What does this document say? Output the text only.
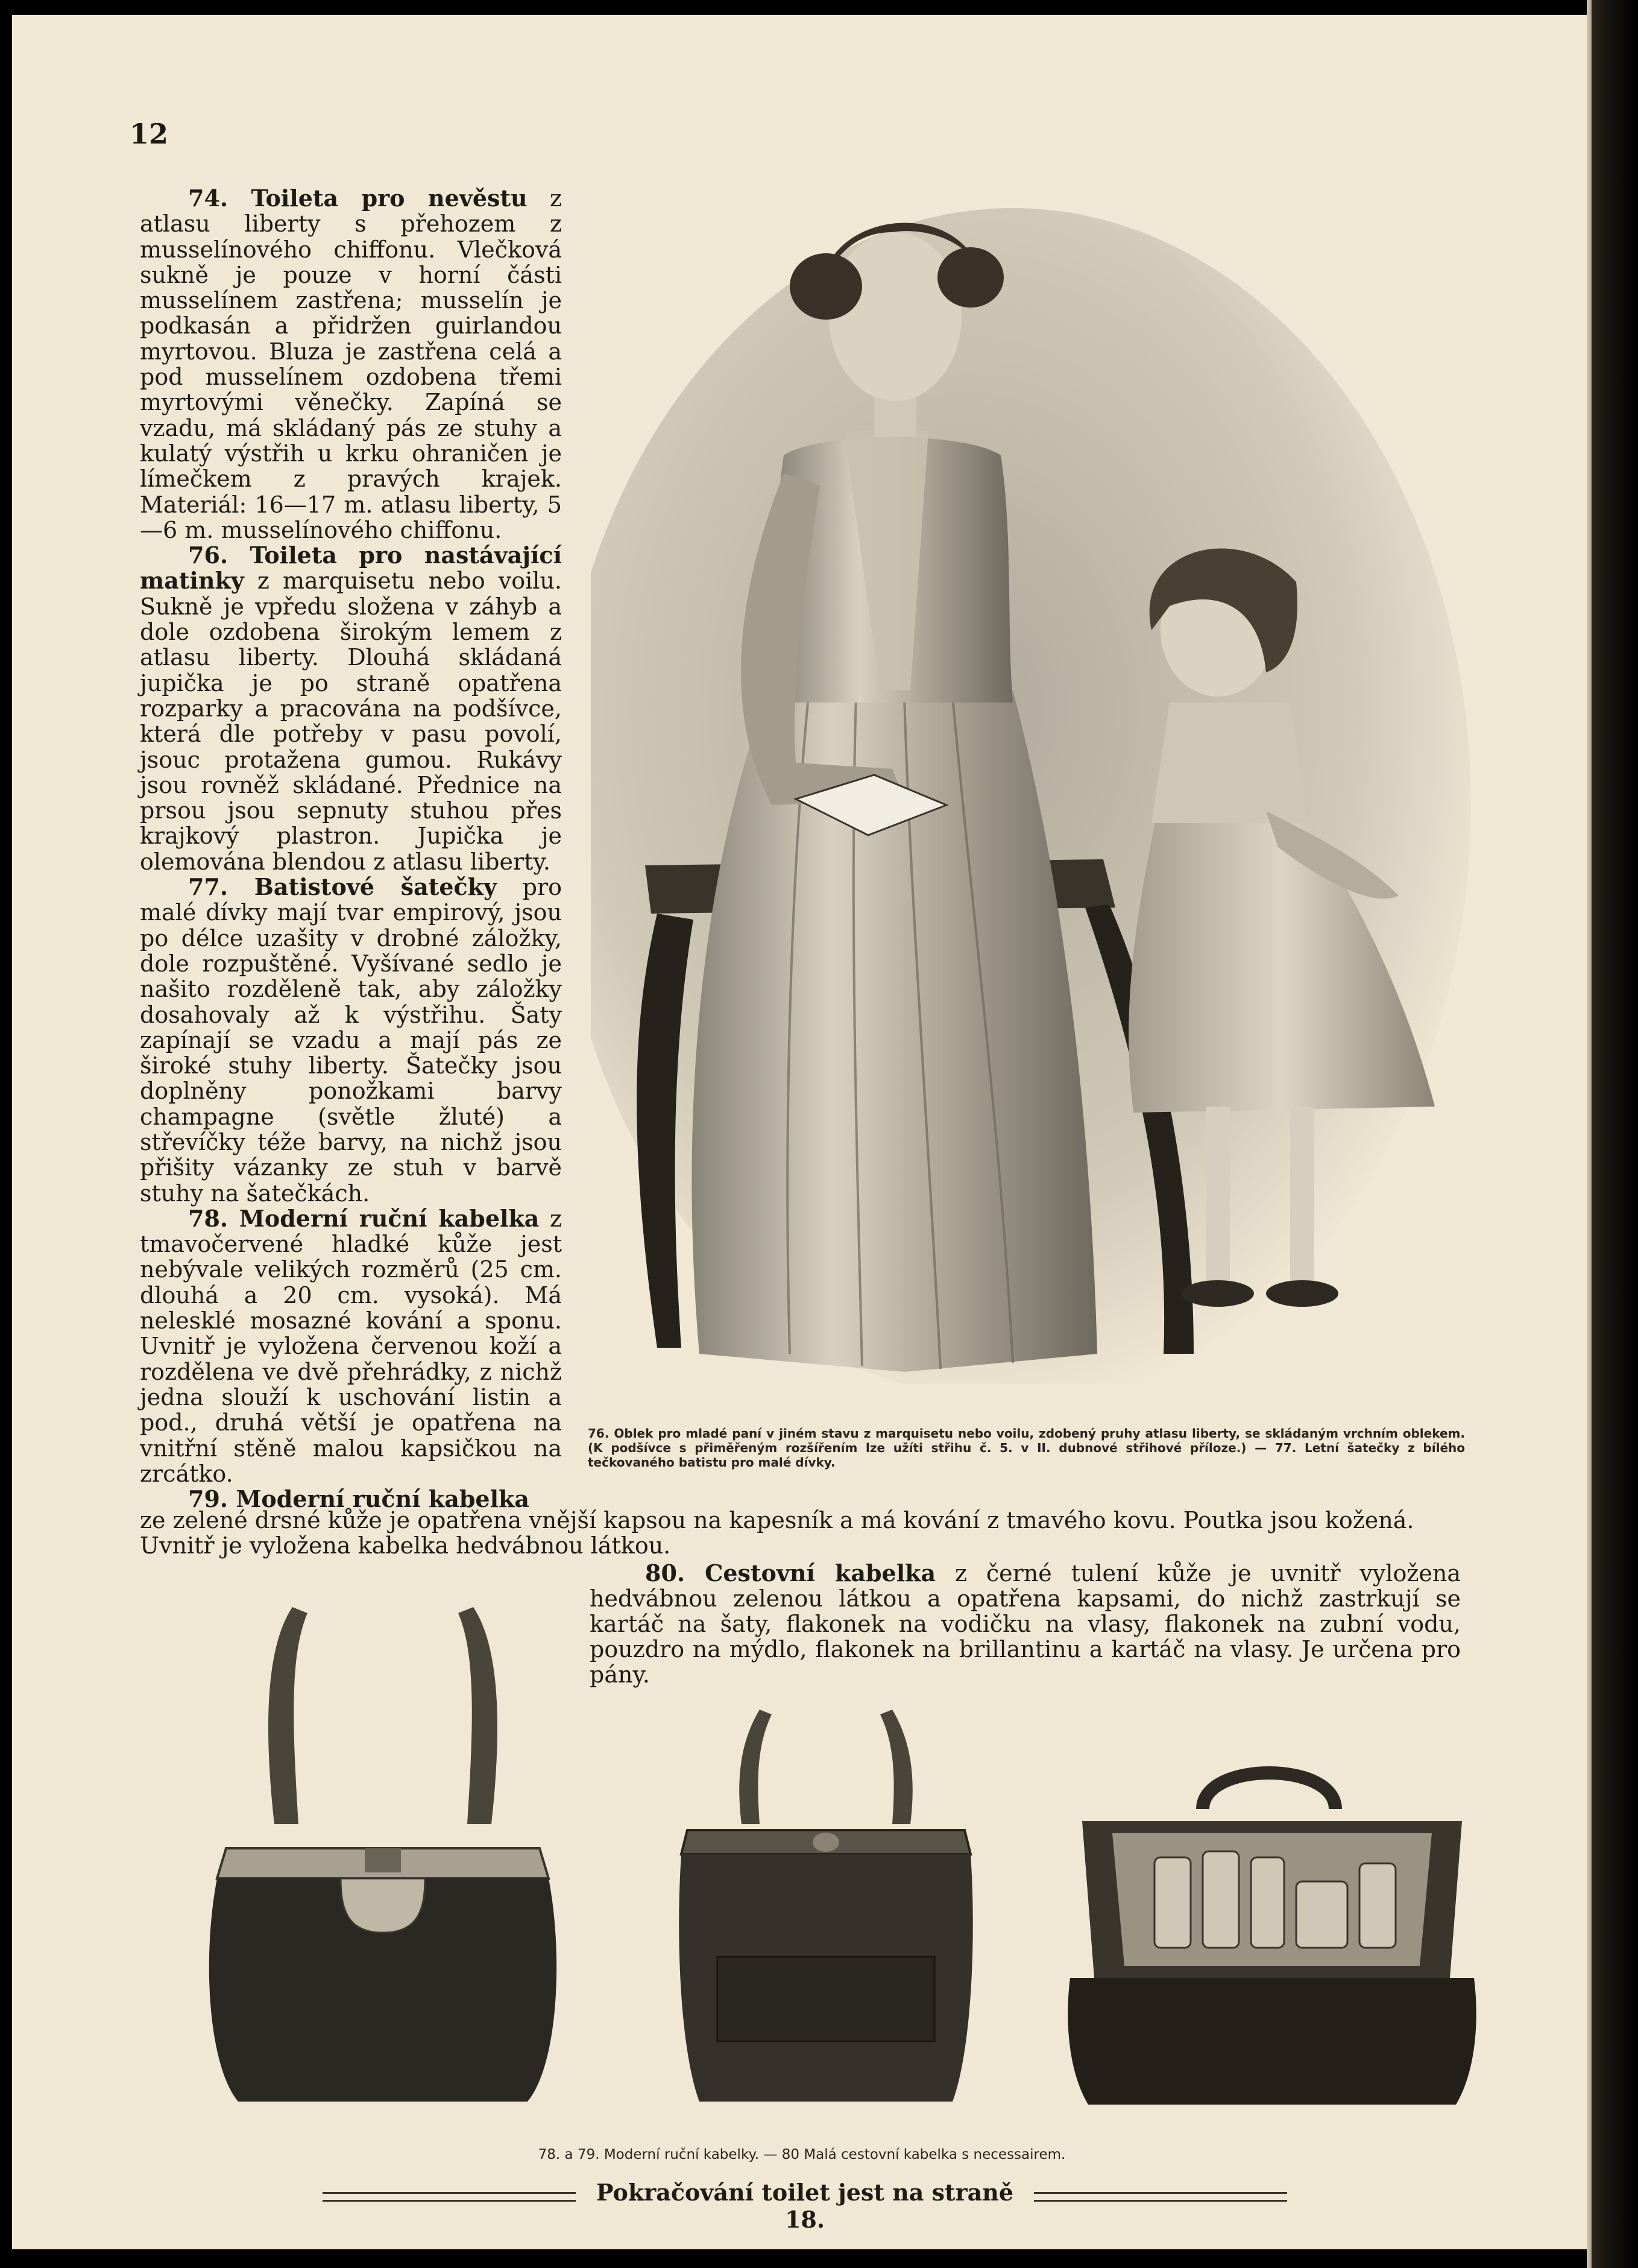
12

74. Toileta pro nevěstu z atlasu liberty s přehozem z musselínového chiffonu. Vlečková sukně je pouze v horní části musselínem zastřena; musselín je podkasán a přidržen guirlandou myrtovou. Bluza je zastřena celá a pod musselínem ozdobena třemi myrtovými věnečky. Zapíná se vzadu, má skládaný pás ze stuhy a kulatý výstřih u krku ohraničen je límečkem z pravých krajek. Materiál: 16—17 m. atlasu liberty, 5—6 m. musselínového chiffonu.

76. Toileta pro nastávající matinky z marquisetu nebo voilu. Sukně je vpředu složena v záhyb a dole ozdobena širokým lemem z atlasu liberty. Dlouhá skládaná jupička je po straně opatřena rozparky a pracována na podšívce, která dle potřeby v pasu povolí, jsouc protažena gumou. Rukávy jsou rovněž skládané. Přednice na prsou jsou sepnuty stuhou přes krajkový plastron. Jupička je olemována blendou z atlasu liberty.

77. Batistové šatečky pro malé dívky mají tvar empirový, jsou po délce uzašity v drobné záložky, dole rozpuštěné. Vyšívané sedlo je našito rozděleně tak, aby záložky dosahovaly až k výstřihu. Šaty zapínají se vzadu a mají pás ze široké stuhy liberty. Šatečky jsou doplněny ponožkami barvy champagne (světle žluté) a střevíčky téže barvy, na nichž jsou přišity vázanky ze stuh v barvě stuhy na šatečkách.

78. Moderní ruční kabelka z tmavočervené hladké kůže jest nebývale velikých rozměrů (25 cm. dlouhá a 20 cm. vysoká). Má nelesklé mosazné kování a sponu. Uvnitř je vyložena červenou koží a rozdělena ve dvě přehrádky, z nichž jedna slouží k uschování listin a pod., druhá větší je opatřena na vnitřní stěně malou kapsičkou na zrcátko.

79. Moderní ruční kabelka

76. Oblek pro mladé paní v jiném stavu z marquisetu nebo voilu, zdobený pruhy atlasu liberty, se skládaným vrchním oblekem. (K podšívce s přiměřeným rozšířením lze užíti střihu č. 5. v II. dubnové střihové příloze.) — 77. Letní šatečky z bílého tečkovaného batistu pro malé dívky.
ze zelené drsné kůže je opatřena vnější kapsou na kapesník a má kování z tmavého kovu. Poutka jsou kožená. Uvnitř je vyložena kabelka hedvábnou látkou.

80. Cestovní kabelka z černé tulení kůže je uvnitř vyložena hedvábnou zelenou látkou a opatřena kapsami, do nichž zastrkují se kartáč na šaty, flakonek na vodičku na vlasy, flakonek na zubní vodu, pouzdro na mýdlo, flakonek na brillantinu a kartáč na vlasy. Je určena pro pány.

78. a 79. Moderní ruční kabelky. — 80 Malá cestovní kabelka s necessairem.
Pokračování toilet jest na straně 18.
